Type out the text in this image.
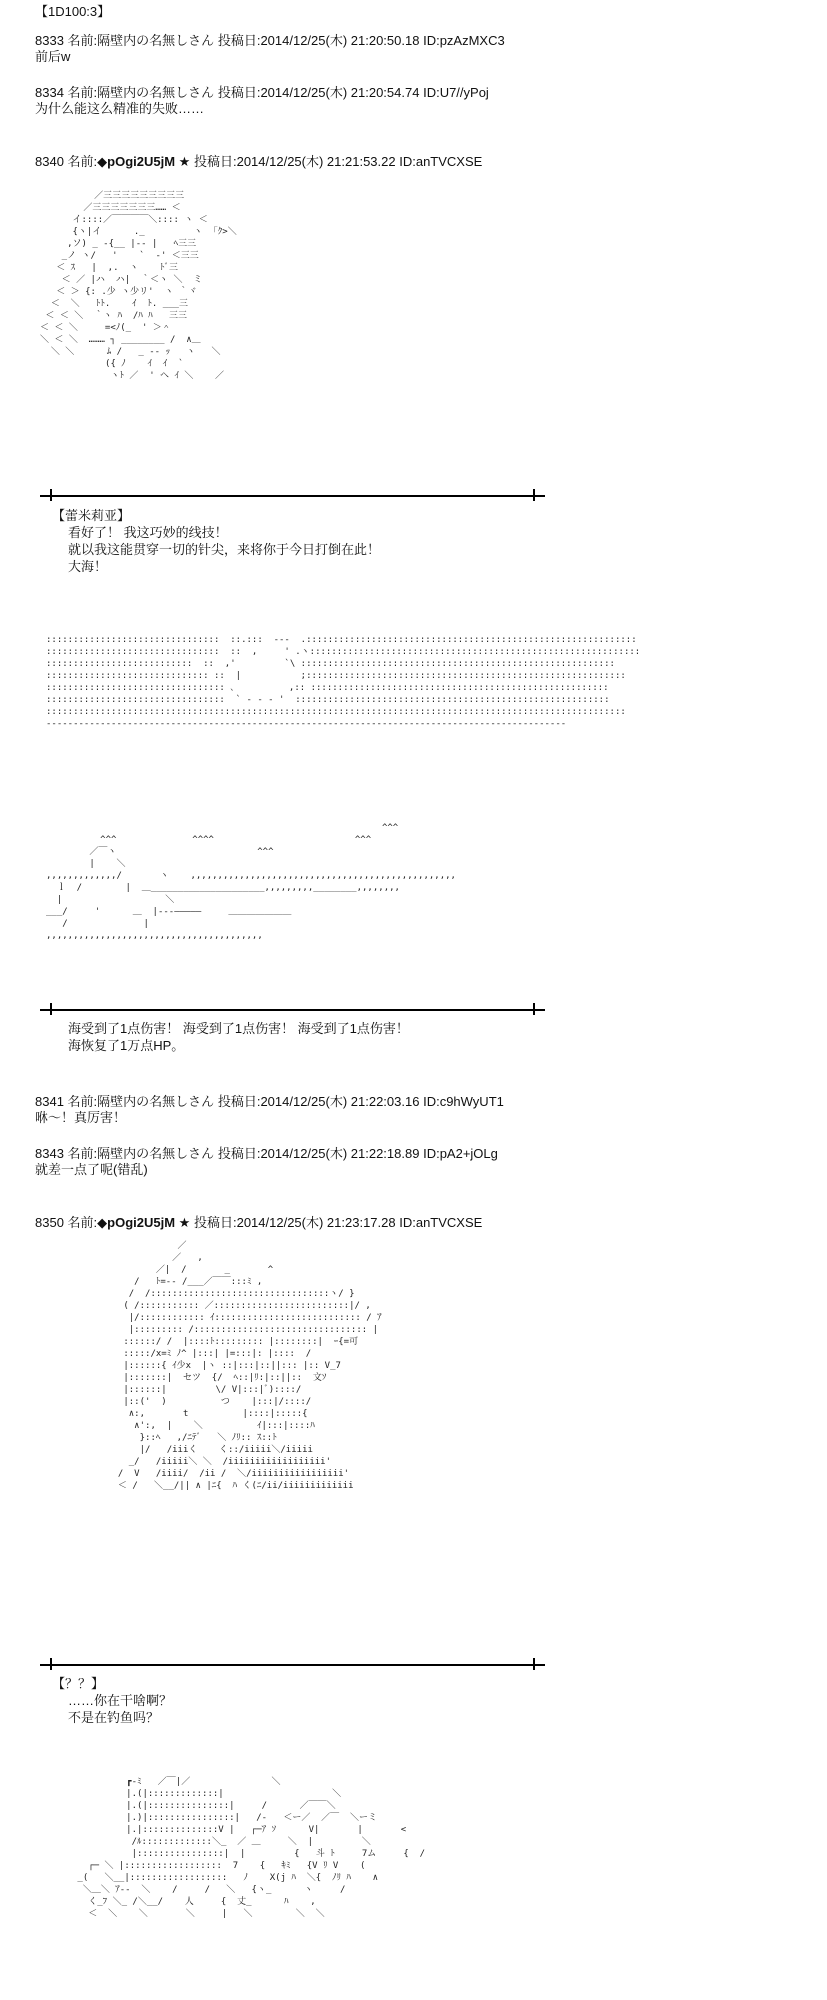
【1D100:3】
8333 名前:隔壁内の名無しさん 投稿日:2014/12/25(木) 21:20:50.18 ID:pzAzMXC3
前后w
8334 名前:隔壁内の名無しさん 投稿日:2014/12/25(木) 21:20:54.74 ID:U7//yPoj
为什么能这么精准的失败……
8340 名前:◆pOgi2U5jM ★ 投稿日:2014/12/25(木) 21:21:53.22 ID:anTVCXSE
／三三三三三三三三三
／三三三三三三三…… ＜
イ::::／￣￣￣￣＼:::: ヽ ＜
{ヽ|イ      ._         ヽ  ｢ｸ>＼
,ソ) _ -{__ |‐‐ |   ﾍ三三
_ノ ヽ/   '    `  ‐' ＜三三
＜ ｽ   |  ,.  ヽ    ﾄﾞ三
＜ ／ |ハ  ハ|  ｀＜ヽ ＼  ミ
＜ ＞ {: .少 ヽ少リ'  ヽ ｀ヾ
＜  ＼   ﾄﾄ.    ｲ  ﾄ. ___三
＜ ＜ ＼  ｀ヽ ﾊ  /ﾊ ﾊ   三三
＜ ＜ ＼     =<ﾉ(_  ' ＞＾
＼ ＜ ＼  ……… ┐ ________ /  ∧＿
＼ ＼      ﾑ /   _ -- ｯ   ヽ   ＼
({ ﾉ    ｲ  ｲ  `
ヽﾄ ／  ' ヘ ｲ ＼    ／
【蕾米莉亚】
看好了！ 我这巧妙的线技！
就以我这能贯穿一切的针尖，来将你于今日打倒在此！
大海！
::::::::::::::::::::::::::::::::  ::.:::  -‐-  .:::::::::::::::::::::::::::::::::::::::::::::::::::::::::::::
::::::::::::::::::::::::::::::::  ::  ,     ' .ヽ:::::::::::::::::::::::::::::::::::::::::::::::::::::::::::::
:::::::::::::::::::::::::::  ::  ,'         `\ ::::::::::::::::::::::::::::::::::::::::::::::::::::::::::
:::::::::::::::::::::::::::::: ::  |           ;:::::::::::::::::::::::::::::::::::::::::::::::::::::::::::
::::::::::::::::::::::::::::::::: ､          ,:: :::::::::::::::::::::::::::::::::::::::::::::::::::::::
:::::::::::::::::::::::::::::::::  ` ‐ - - '  ::::::::::::::::::::::::::::::::::::::::::::::::::::::::::
:::::::::::::::::::::::::::::::::::::::::::::::::::::::::::::::::::::::::::::::::::::::::::::::::::::::::::
------------------------------------------------------------------------------------------------
^^^
^^^              ^^^^                          ^^^
／￣ヽ                          ^^^
|    ＼
,,,,,,,,,,,,,/       ヽ    ,,,,,,,,,,,,,,,,,,,,,,,,,,,,,,,,,,,,,,,,,,,,,,,,,
ｌ  /        |  ＿_____________________,,,,,,,,,________,,,,,,,,
|                   ＼
___/     '      ＿  |‐‐‐―――――     ＿＿＿＿＿＿＿
/              |
,,,,,,,,,,,,,,,,,,,,,,,,,,,,,,,,,,,,,,,,
海受到了1点伤害！ 海受到了1点伤害！ 海受到了1点伤害！
海恢复了1万点HP。
8341 名前:隔壁内の名無しさん 投稿日:2014/12/25(木) 21:22:03.16 ID:c9hWyUT1
咻～！真厉害！
8343 名前:隔壁内の名無しさん 投稿日:2014/12/25(木) 21:22:18.89 ID:pA2+jOLg
就差一点了呢(错乱)
8350 名前:◆pOgi2U5jM ★ 投稿日:2014/12/25(木) 21:23:17.28 ID:anTVCXSE
／
／   ,
／|  /       _       ^
/   ﾄ=-- /___／￣￣:::ﾐ ,
/  /:::::::::::::::::::::::::::::::::ヽ/ }
( /::::::::::: ／:::::::::::::::::::::::::|/ ,
|/:::::::::::: ｲ::::::::::::::::::::::::::: / ｱ
|::::::::: /:::::::::::::::::::::::::::::::: |
::::::/ /  |::::ﾄ::::::::: |::::::::|  ｰ{=可
:::::/x=ﾐ ﾉ^ |:::| |=:::|: |::::  /
|::::::{ ｲ少x  |ヽ ::|:::|::||::: |:: V_7
|:::::::|  セツ  {/  ﾍ::|ﾘ:|::||::  文ｿ
|::::::|         \/ V|:::|ﾞ)::::/
|::('  )          つ    |:::|/::::/
∧:,       t          |::::|:::::{
∧':,  |    ＼          ｲ|:::|::::ﾊ
}::ﾍ   ,/ﾆﾃﾞ   ＼ ﾉﾘ:: ｽ::ﾄ
|/   /iiiく    く::/iiiii＼/iiiii
_/   /iiiii＼ ＼  /iiiiiiiiiiiiiiiiii'
/  V   /iiii/  /ii /  ＼/iiiiiiiiiiiiiiiii'
＜ /   ＼__/|| ∧ |ﾆ{  ﾊ く(ﾆ/ii/iiiiiiiiiiiii
【？？】
……你在干啥啊？
不是在钓鱼吗？
┏‐ﾐ   ／￣|／               ＼
|.(|:::::::::::::|                    ＼
|.(|:::::::::::::::|     /      ／￣￣＼
|.)|::::::::::::::::|   /‐   ＜ー／  ／￣  ＼ーミ
|.|::::::::::::::V |   ┌─ｱ ｿ      V|       |       <
/ﾙ:::::::::::::＼_  ／ ＿     ＼  |         ＼
|::::::::::::::::|  |         {   斗 ﾄ     7ム     {  /
┌─ ＼ |::::::::::::::::::  7    {   ｷﾐ   {V ﾘ V    (
_(   ＼__|::::::::::::::::::   ﾉ    X(j ﾊ  ＼{  ﾉﾘ ﾊ    ∧
＼＿＼ ｱ‐‐  ＼    /     /   ＼   {ヽ_      ヽ     /
く_ﾌ ＼_ /＼__/    人     {  丈_      ﾊ    ,
＜  ＼    ＼       ＼     |   ＼        ＼  ＼
